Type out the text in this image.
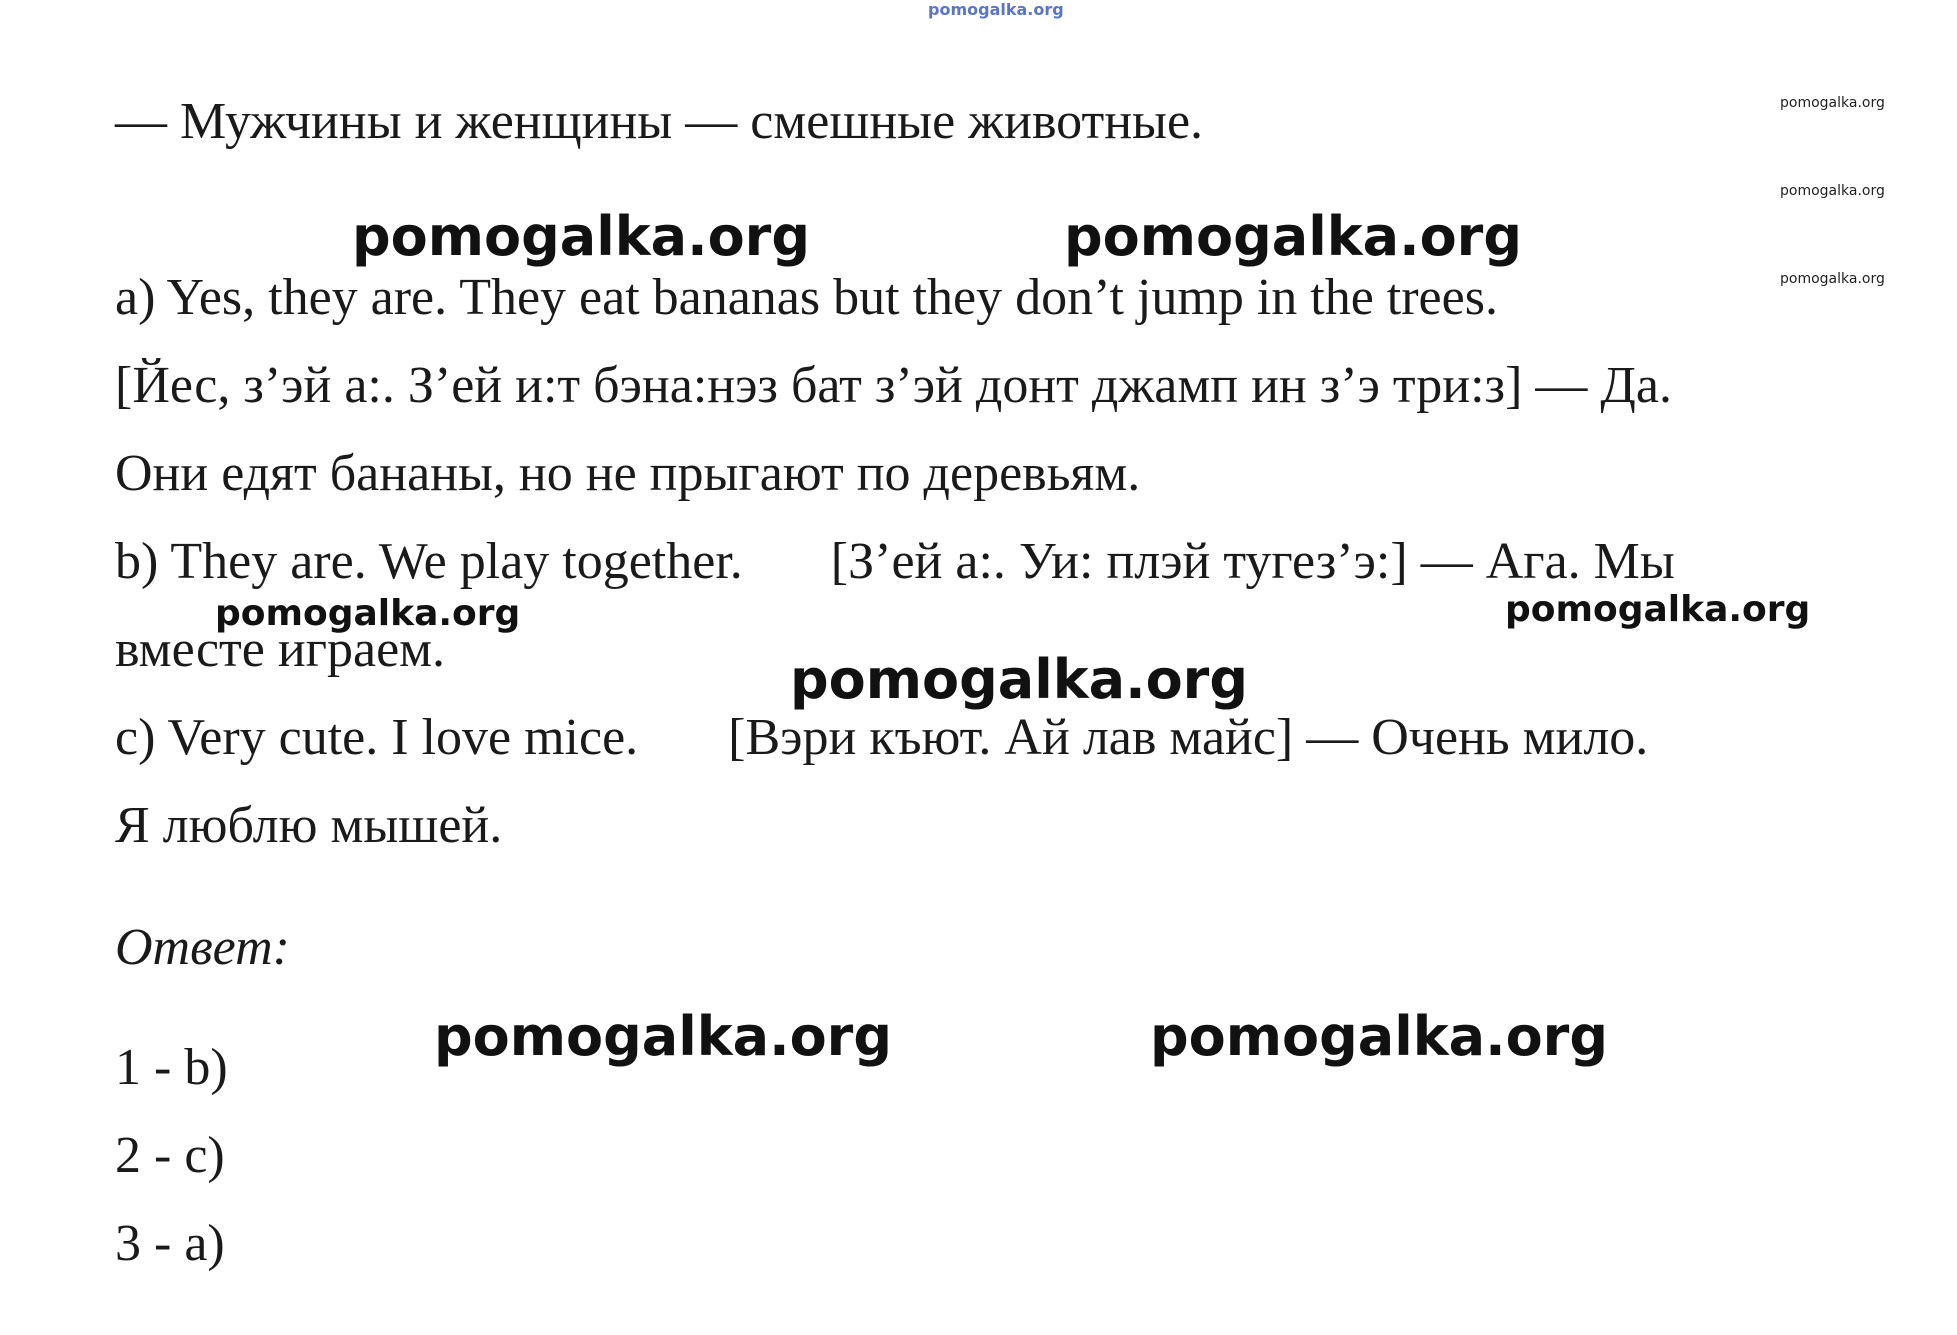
pomogalka.org
pomogalka.org
pomogalka.org
pomogalka.org
— Мужчины и женщины — смешные животные.
a) Yes, they are. They eat bananas but they don’t jump in the trees.
[Йес, з’эй а:. З’ей и:т бэна:нэз бат з’эй донт джамп ин з’э три:з] — Да.
Они едят бананы, но не прыгают по деревьям.
b) They are. We play together. [З’ей а:. Уи: плэй тугез’э:] — Ага. Мы
вместе играем.
c) Very cute. I love mice. [Вэри къют. Ай лав майс] — Очень мило.
Я люблю мышей.
Ответ:
1 - b)
2 - c)
3 - a)
pomogalka.org	pomogalka.org
pomogalka.org
pomogalka.org	pomogalka.org
pomogalka.org	pomogalka.org
